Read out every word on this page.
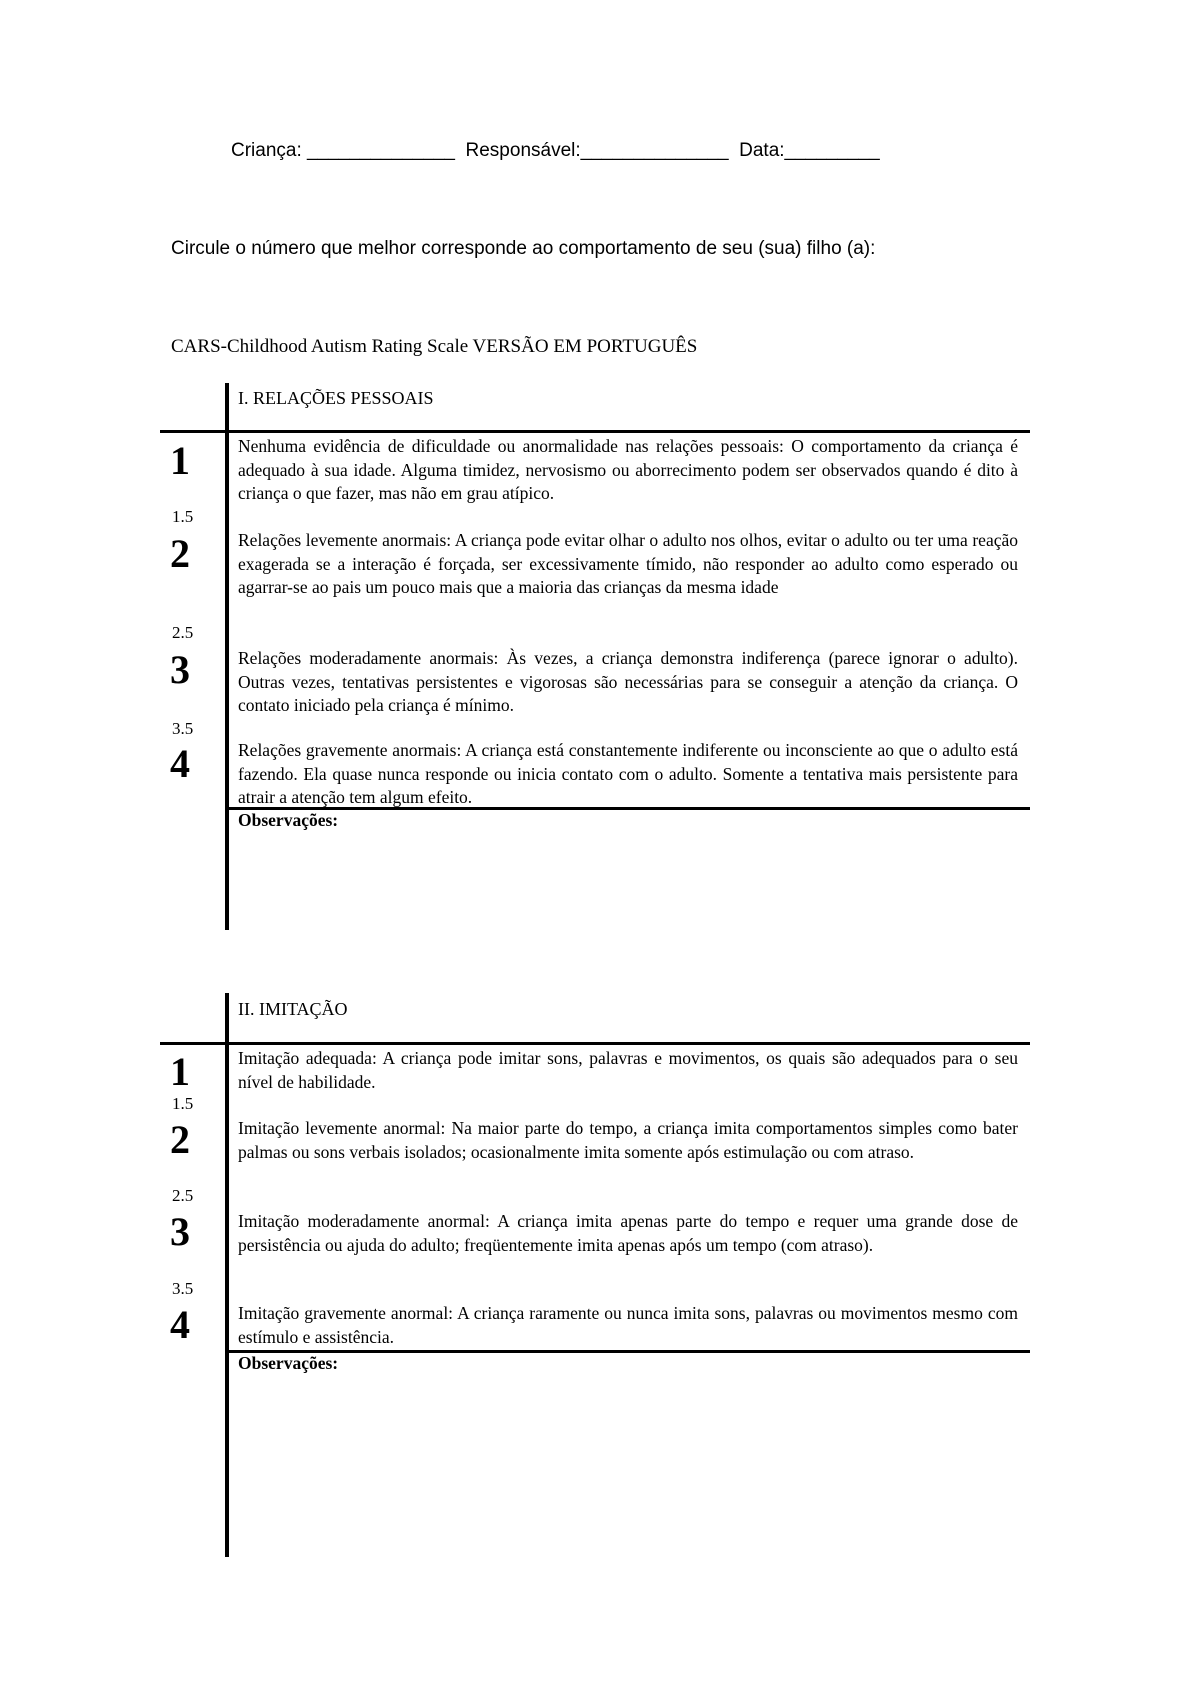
Criança: ______________  Responsável:______________  Data:_________
Circule o número que melhor corresponde ao comportamento de seu (sua) filho (a):
CARS-Childhood Autism Rating Scale VERSÃO EM PORTUGUÊS
I. RELAÇÕES PESSOAIS
1
1.5
2
2.5
3
3.5
4

Nenhuma evidência de dificuldade ou anormalidade nas relações pessoais: O comportamento da criança é adequado à sua idade. Alguma timidez, nervosismo ou aborrecimento podem ser observados quando é dito à criança o que fazer, mas não em grau atípico.

Relações levemente anormais: A criança pode evitar olhar o adulto nos olhos, evitar o adulto ou ter uma reação exagerada se a interação é forçada, ser excessivamente tímido, não responder ao adulto como esperado ou agarrar-se ao pais um pouco mais que a maioria das crianças da mesma idade

Relações moderadamente anormais: Às vezes, a criança demonstra indiferença (parece ignorar o adulto). Outras vezes, tentativas persistentes e vigorosas são necessárias para se conseguir a atenção da criança. O contato iniciado pela criança é mínimo.

Relações gravemente anormais: A criança está constantemente indiferente ou inconsciente ao que o adulto está fazendo. Ela quase nunca responde ou inicia contato com o adulto. Somente a tentativa mais persistente para atrair a atenção tem algum efeito.

Observações:
II. IMITAÇÃO
1
1.5
2
2.5
3
3.5
4

Imitação adequada: A criança pode imitar sons, palavras e movimentos, os quais são adequados para o seu nível de habilidade.

Imitação levemente anormal: Na maior parte do tempo, a criança imita comportamentos simples como bater palmas ou sons verbais isolados; ocasionalmente imita somente após estimulação ou com atraso.

Imitação moderadamente anormal: A criança imita apenas parte do tempo e requer uma grande dose de persistência ou ajuda do adulto; freqüentemente imita apenas após um tempo (com atraso).

Imitação gravemente anormal: A criança raramente ou nunca imita sons, palavras ou movimentos mesmo com estímulo e assistência.

Observações:
